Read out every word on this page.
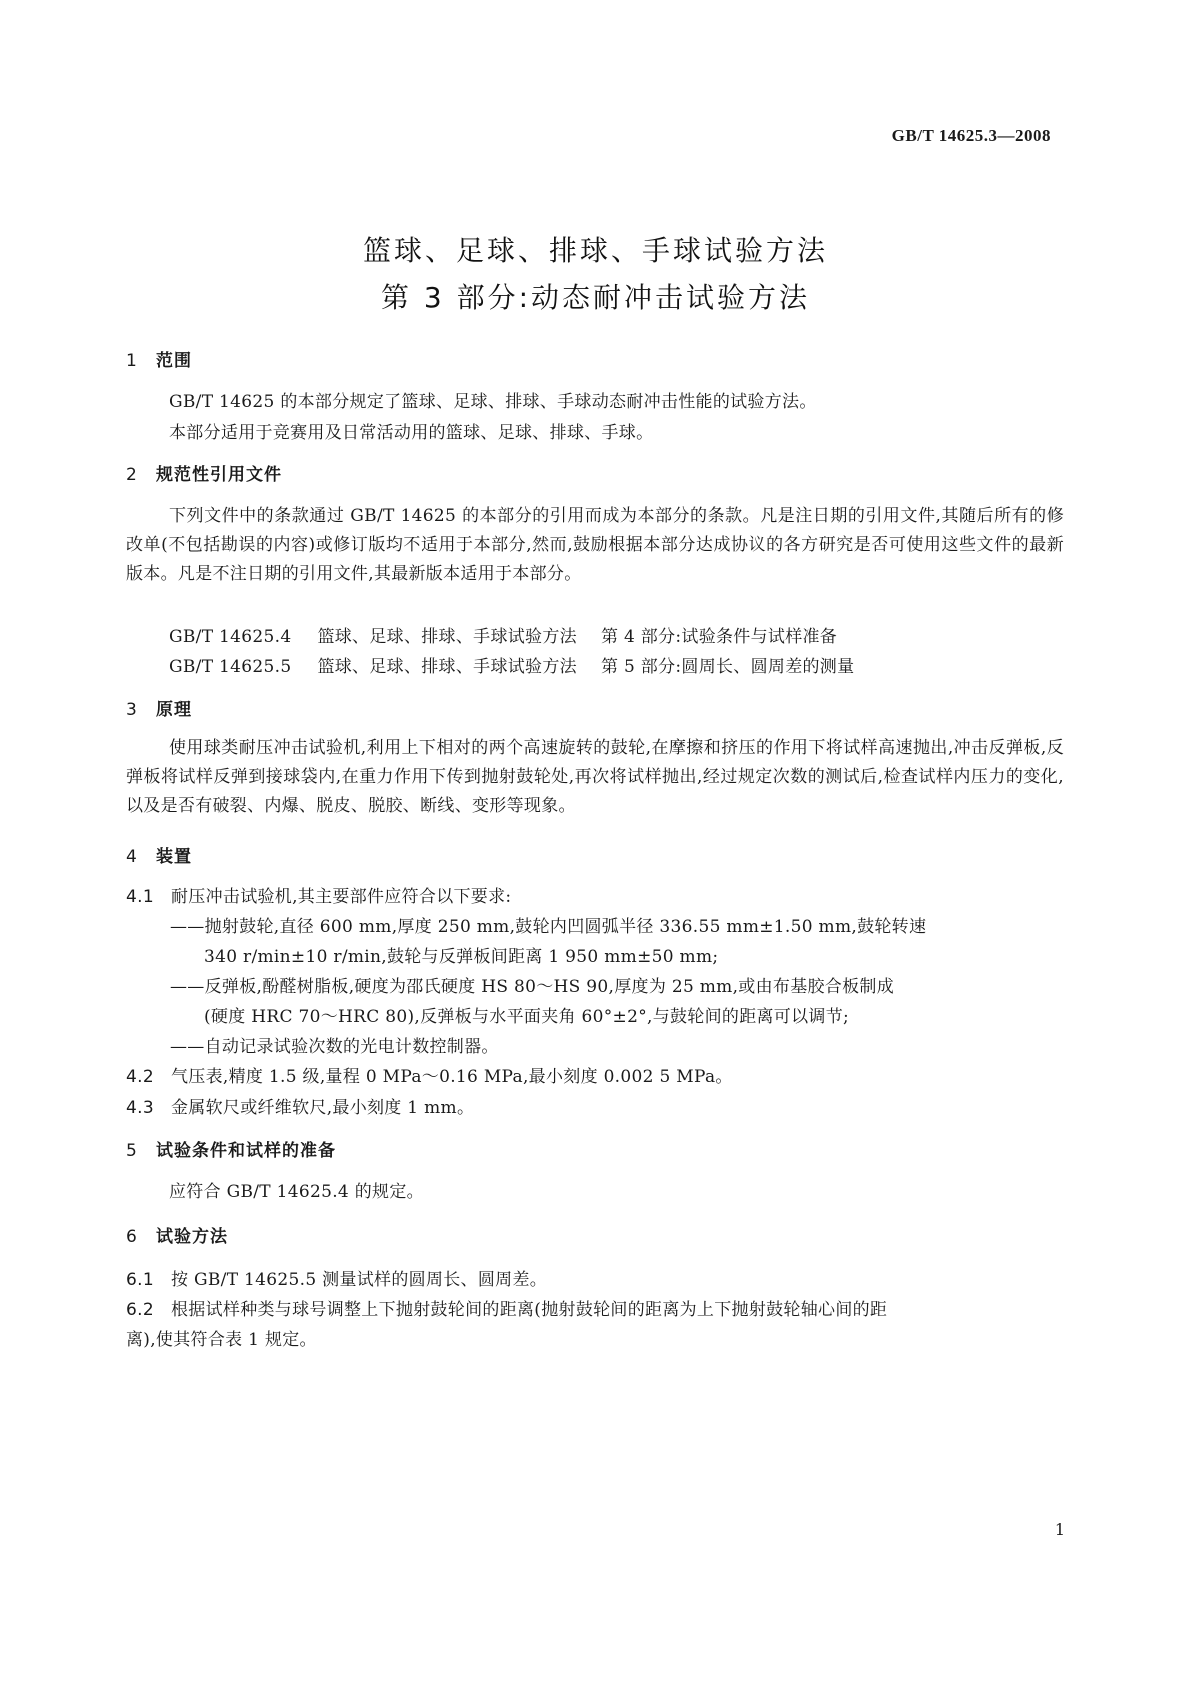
GB/T 14625.3—2008
篮球、足球、排球、手球试验方法
第 3 部分:动态耐冲击试验方法
1 范围
GB/T 14625 的本部分规定了篮球、足球、排球、手球动态耐冲击性能的试验方法。
本部分适用于竞赛用及日常活动用的篮球、足球、排球、手球。
2 规范性引用文件
下列文件中的条款通过 GB/T 14625 的本部分的引用而成为本部分的条款。凡是注日期的引用文件,其随后所有的修改单(不包括勘误的内容)或修订版均不适用于本部分,然而,鼓励根据本部分达成协议的各方研究是否可使用这些文件的最新版本。凡是不注日期的引用文件,其最新版本适用于本部分。
GB/T 14625.4 篮球、足球、排球、手球试验方法 第 4 部分:试验条件与试样准备
GB/T 14625.5 篮球、足球、排球、手球试验方法 第 5 部分:圆周长、圆周差的测量
3 原理
使用球类耐压冲击试验机,利用上下相对的两个高速旋转的鼓轮,在摩擦和挤压的作用下将试样高速抛出,冲击反弹板,反弹板将试样反弹到接球袋内,在重力作用下传到抛射鼓轮处,再次将试样抛出,经过规定次数的测试后,检查试样内压力的变化,以及是否有破裂、内爆、脱皮、脱胶、断线、变形等现象。
4 装置
4.1 耐压冲击试验机,其主要部件应符合以下要求:
——抛射鼓轮,直径 600 mm,厚度 250 mm,鼓轮内凹圆弧半径 336.55 mm±1.50 mm,鼓轮转速
340 r/min±10 r/min,鼓轮与反弹板间距离 1 950 mm±50 mm;
——反弹板,酚醛树脂板,硬度为邵氏硬度 HS 80～HS 90,厚度为 25 mm,或由布基胶合板制成
(硬度 HRC 70～HRC 80),反弹板与水平面夹角 60°±2°,与鼓轮间的距离可以调节;
——自动记录试验次数的光电计数控制器。
4.2 气压表,精度 1.5 级,量程 0 MPa～0.16 MPa,最小刻度 0.002 5 MPa。
4.3 金属软尺或纤维软尺,最小刻度 1 mm。
5 试验条件和试样的准备
应符合 GB/T 14625.4 的规定。
6 试验方法
6.1 按 GB/T 14625.5 测量试样的圆周长、圆周差。
6.2 根据试样种类与球号调整上下抛射鼓轮间的距离(抛射鼓轮间的距离为上下抛射鼓轮轴心间的距
离),使其符合表 1 规定。
1
